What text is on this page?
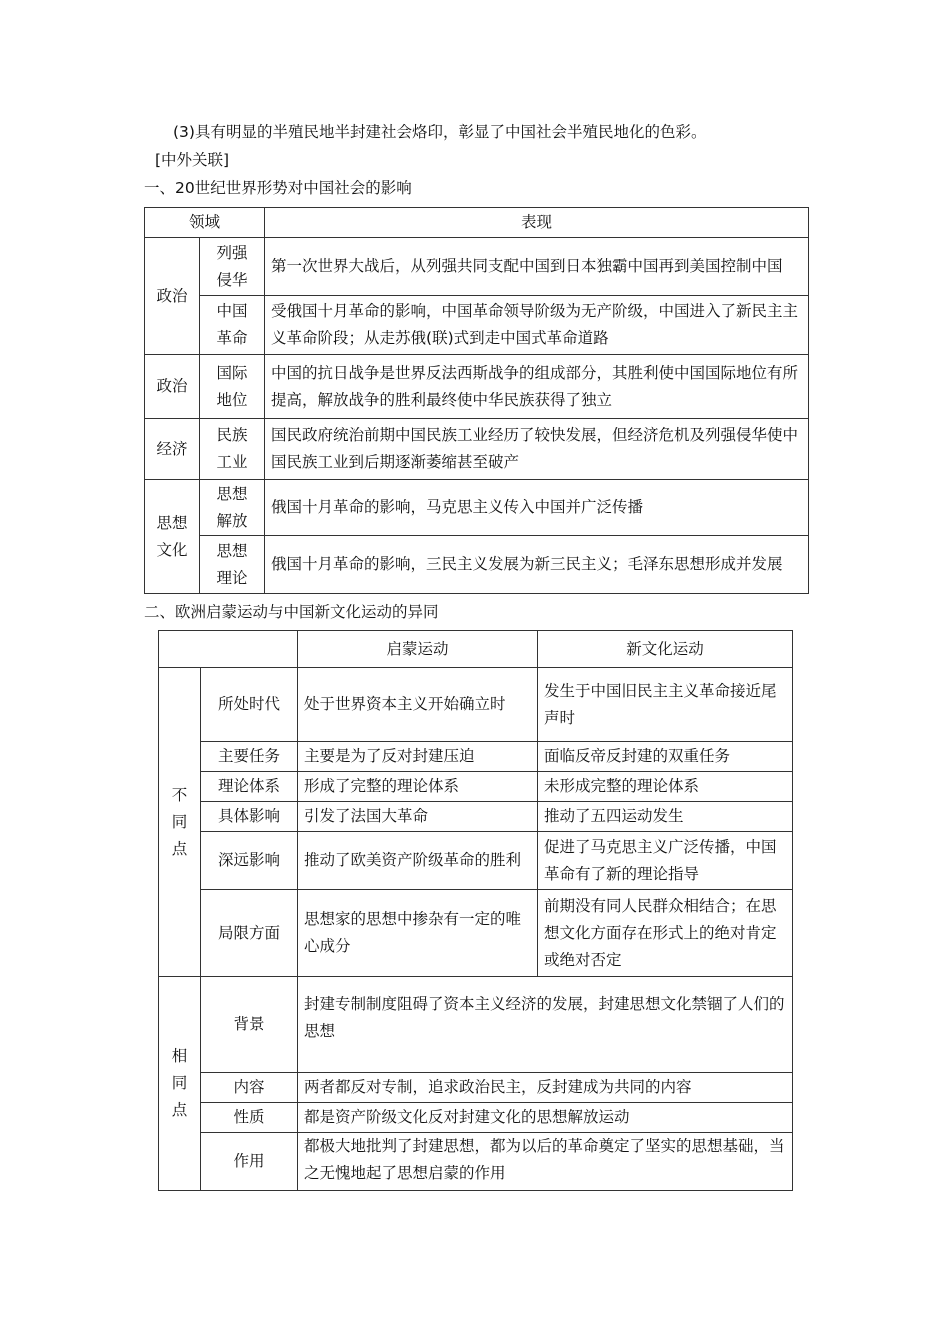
(3)具有明显的半殖民地半封建社会烙印，彰显了中国社会半殖民地化的色彩。
[中外关联]
一、20世纪世界形势对中国社会的影响
领域		表现
政治	列强侵华	第一次世界大战后，从列强共同支配中国到日本独霸中国再到美国控制中国
	中国革命	受俄国十月革命的影响，中国革命领导阶级为无产阶级，中国进入了新民主主义革命阶段；从走苏俄(联)式到走中国式革命道路
政治	国际地位	中国的抗日战争是世界反法西斯战争的组成部分，其胜利使中国国际地位有所提高，解放战争的胜利最终使中华民族获得了独立
经济	民族工业	国民政府统治前期中国民族工业经历了较快发展，但经济危机及列强侵华使中国民族工业到后期逐渐萎缩甚至破产
思想文化	思想解放	俄国十月革命的影响，马克思主义传入中国并广泛传播
	思想理论	俄国十月革命的影响，三民主义发展为新三民主义；毛泽东思想形成并发展
二、欧洲启蒙运动与中国新文化运动的异同
		启蒙运动	新文化运动
不同点	所处时代	处于世界资本主义开始确立时	发生于中国旧民主主义革命接近尾声时
	主要任务	主要是为了反对封建压迫	面临反帝反封建的双重任务
	理论体系	形成了完整的理论体系	未形成完整的理论体系
	具体影响	引发了法国大革命	推动了五四运动发生
	深远影响	推动了欧美资产阶级革命的胜利	促进了马克思主义广泛传播，中国革命有了新的理论指导
	局限方面	思想家的思想中掺杂有一定的唯心成分	前期没有同人民群众相结合；在思想文化方面存在形式上的绝对肯定或绝对否定
相同点	背景	封建专制制度阻碍了资本主义经济的发展，封建思想文化禁锢了人们的思想	
	内容	两者都反对专制，追求政治民主，反封建成为共同的内容	
	性质	都是资产阶级文化反对封建文化的思想解放运动	
	作用	都极大地批判了封建思想，都为以后的革命奠定了坚实的思想基础，当之无愧地起了思想启蒙的作用	
